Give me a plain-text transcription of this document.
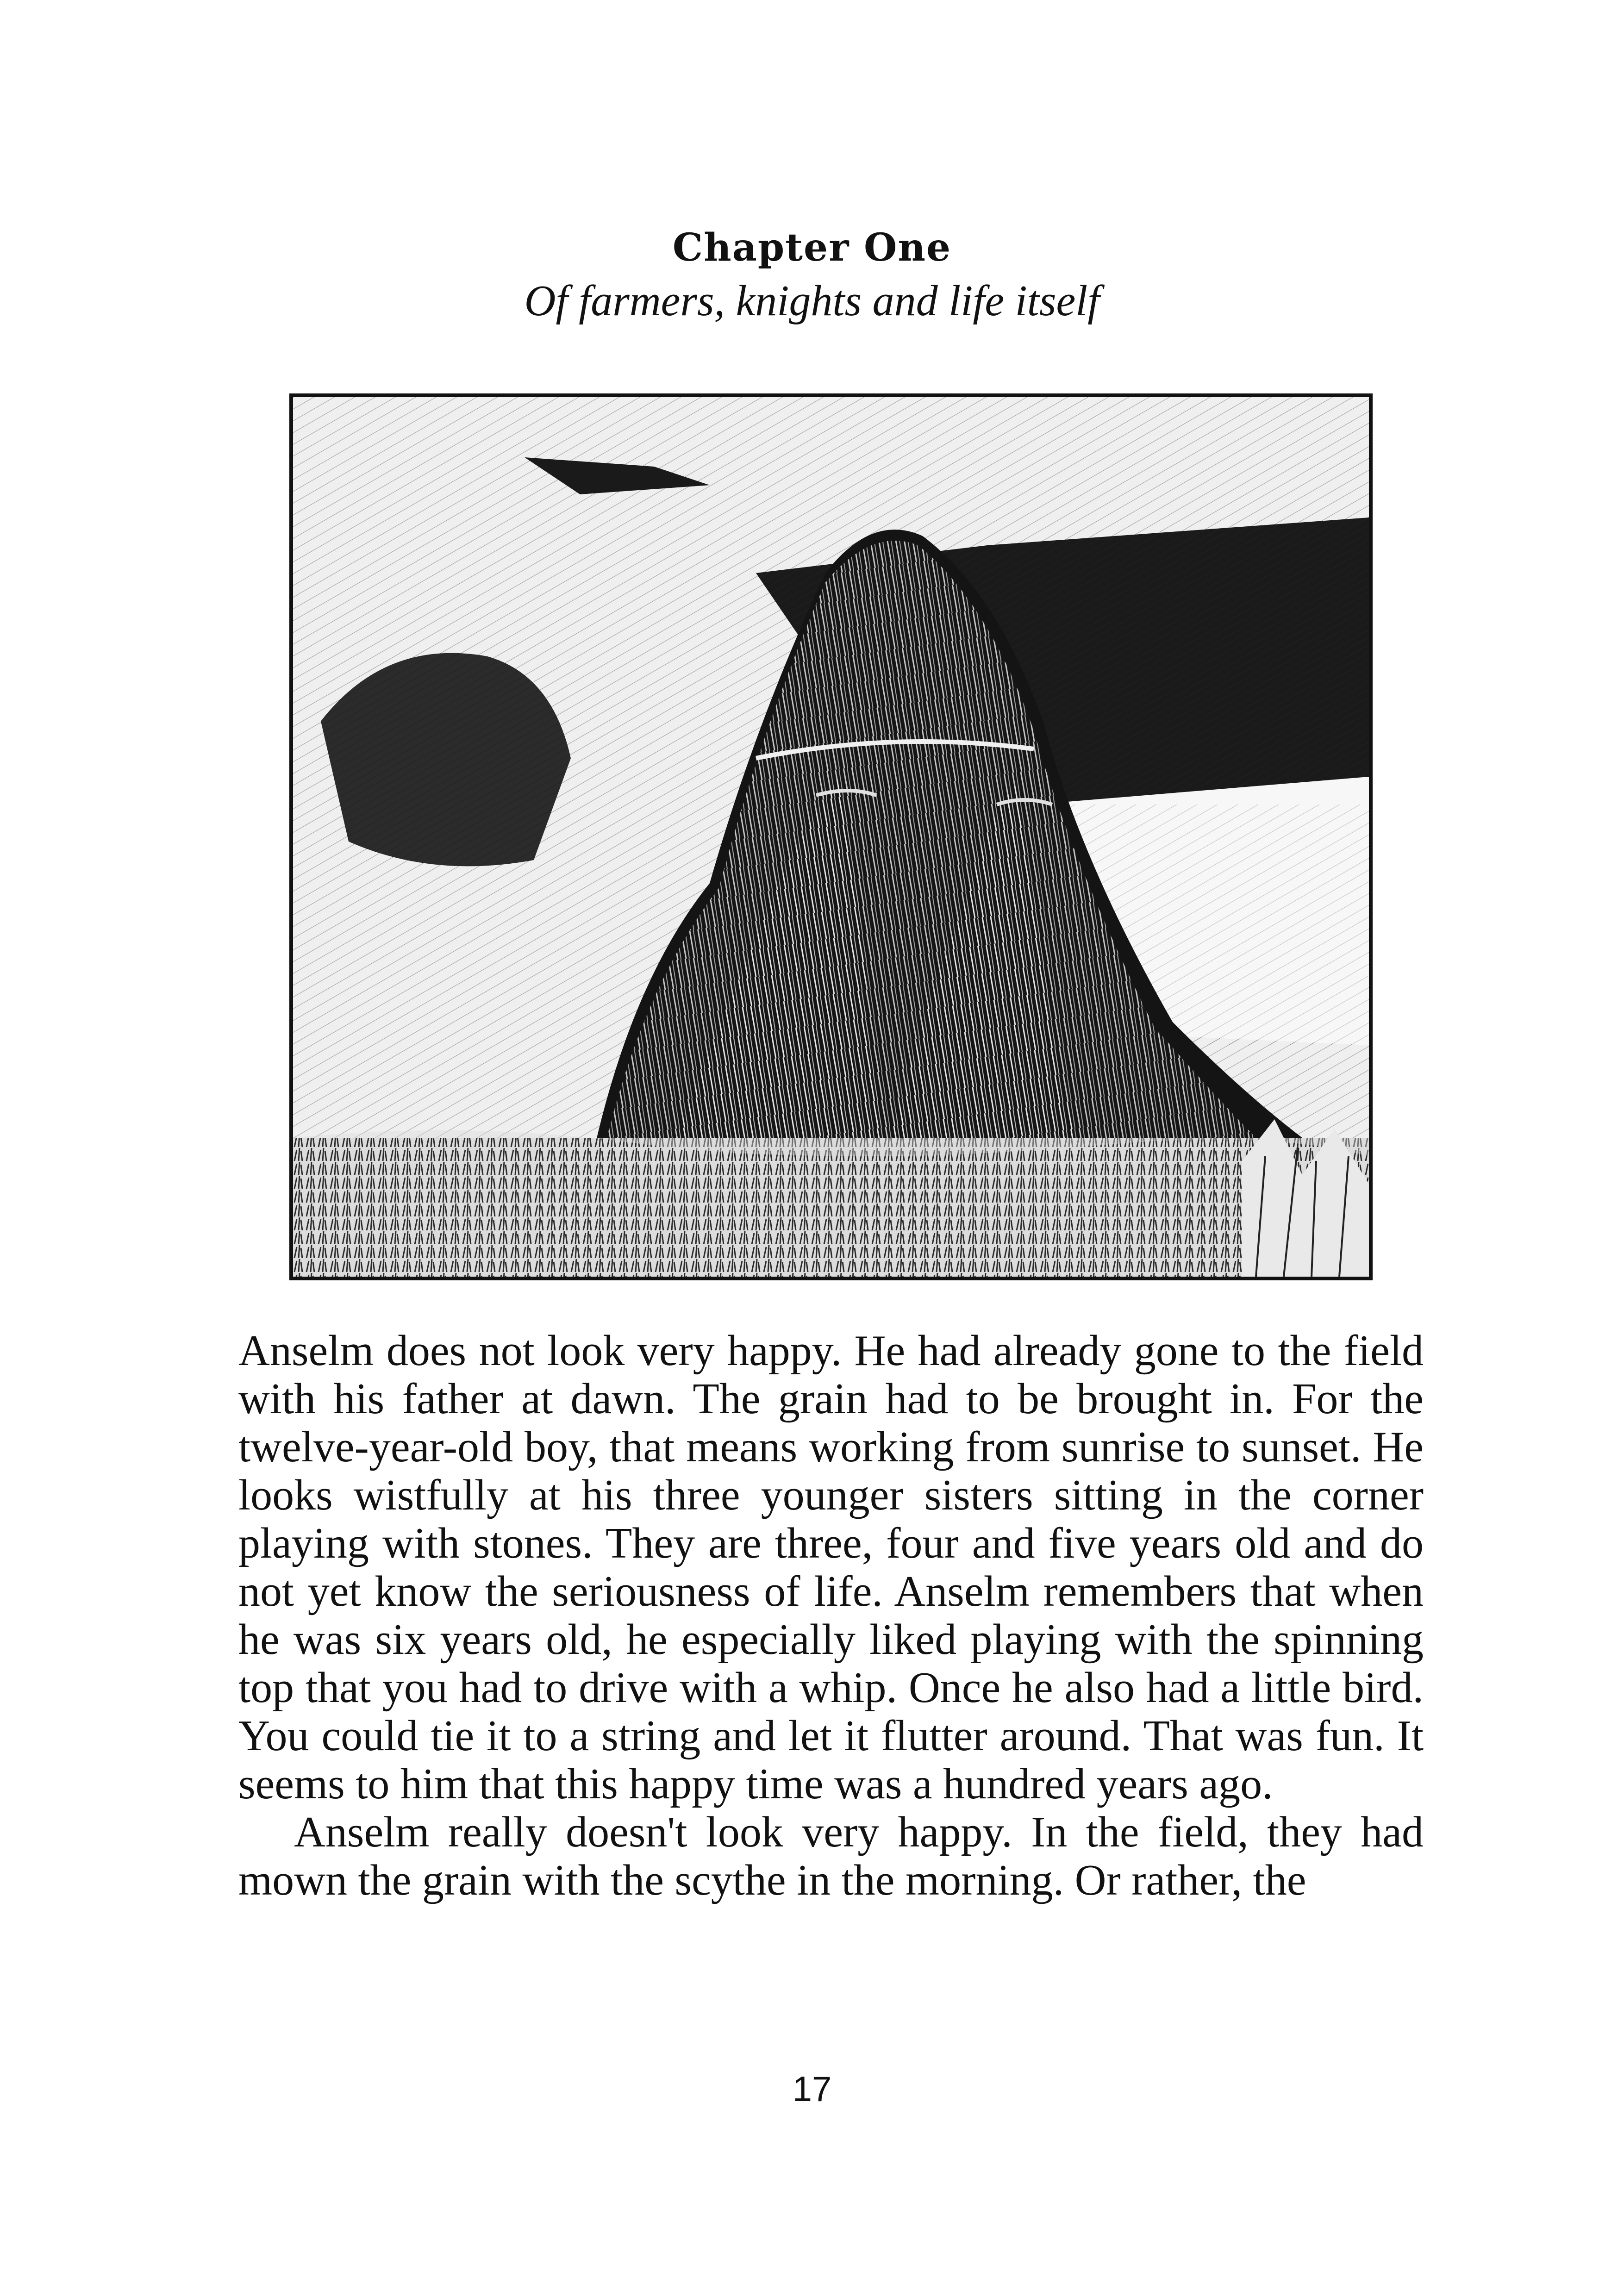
Chapter One
Of farmers, knights and life itself

Anselm does not look very happy. He had already gone to the field with his father at dawn. The grain had to be brought in. For the twelve-year-old boy, that means working from sunrise to sunset. He looks wistfully at his three younger sisters sitting in the corner playing with stones. They are three, four and five years old and do not yet know the seriousness of life. Anselm remembers that when he was six years old, he especially liked playing with the spinning top that you had to drive with a whip. Once he also had a little bird. You could tie it to a string and let it flutter around. That was fun. It seems to him that this happy time was a hundred years ago.

Anselm really doesn't look very happy. In the field, they had mown the grain with the scythe in the morning. Or rather, the

17
